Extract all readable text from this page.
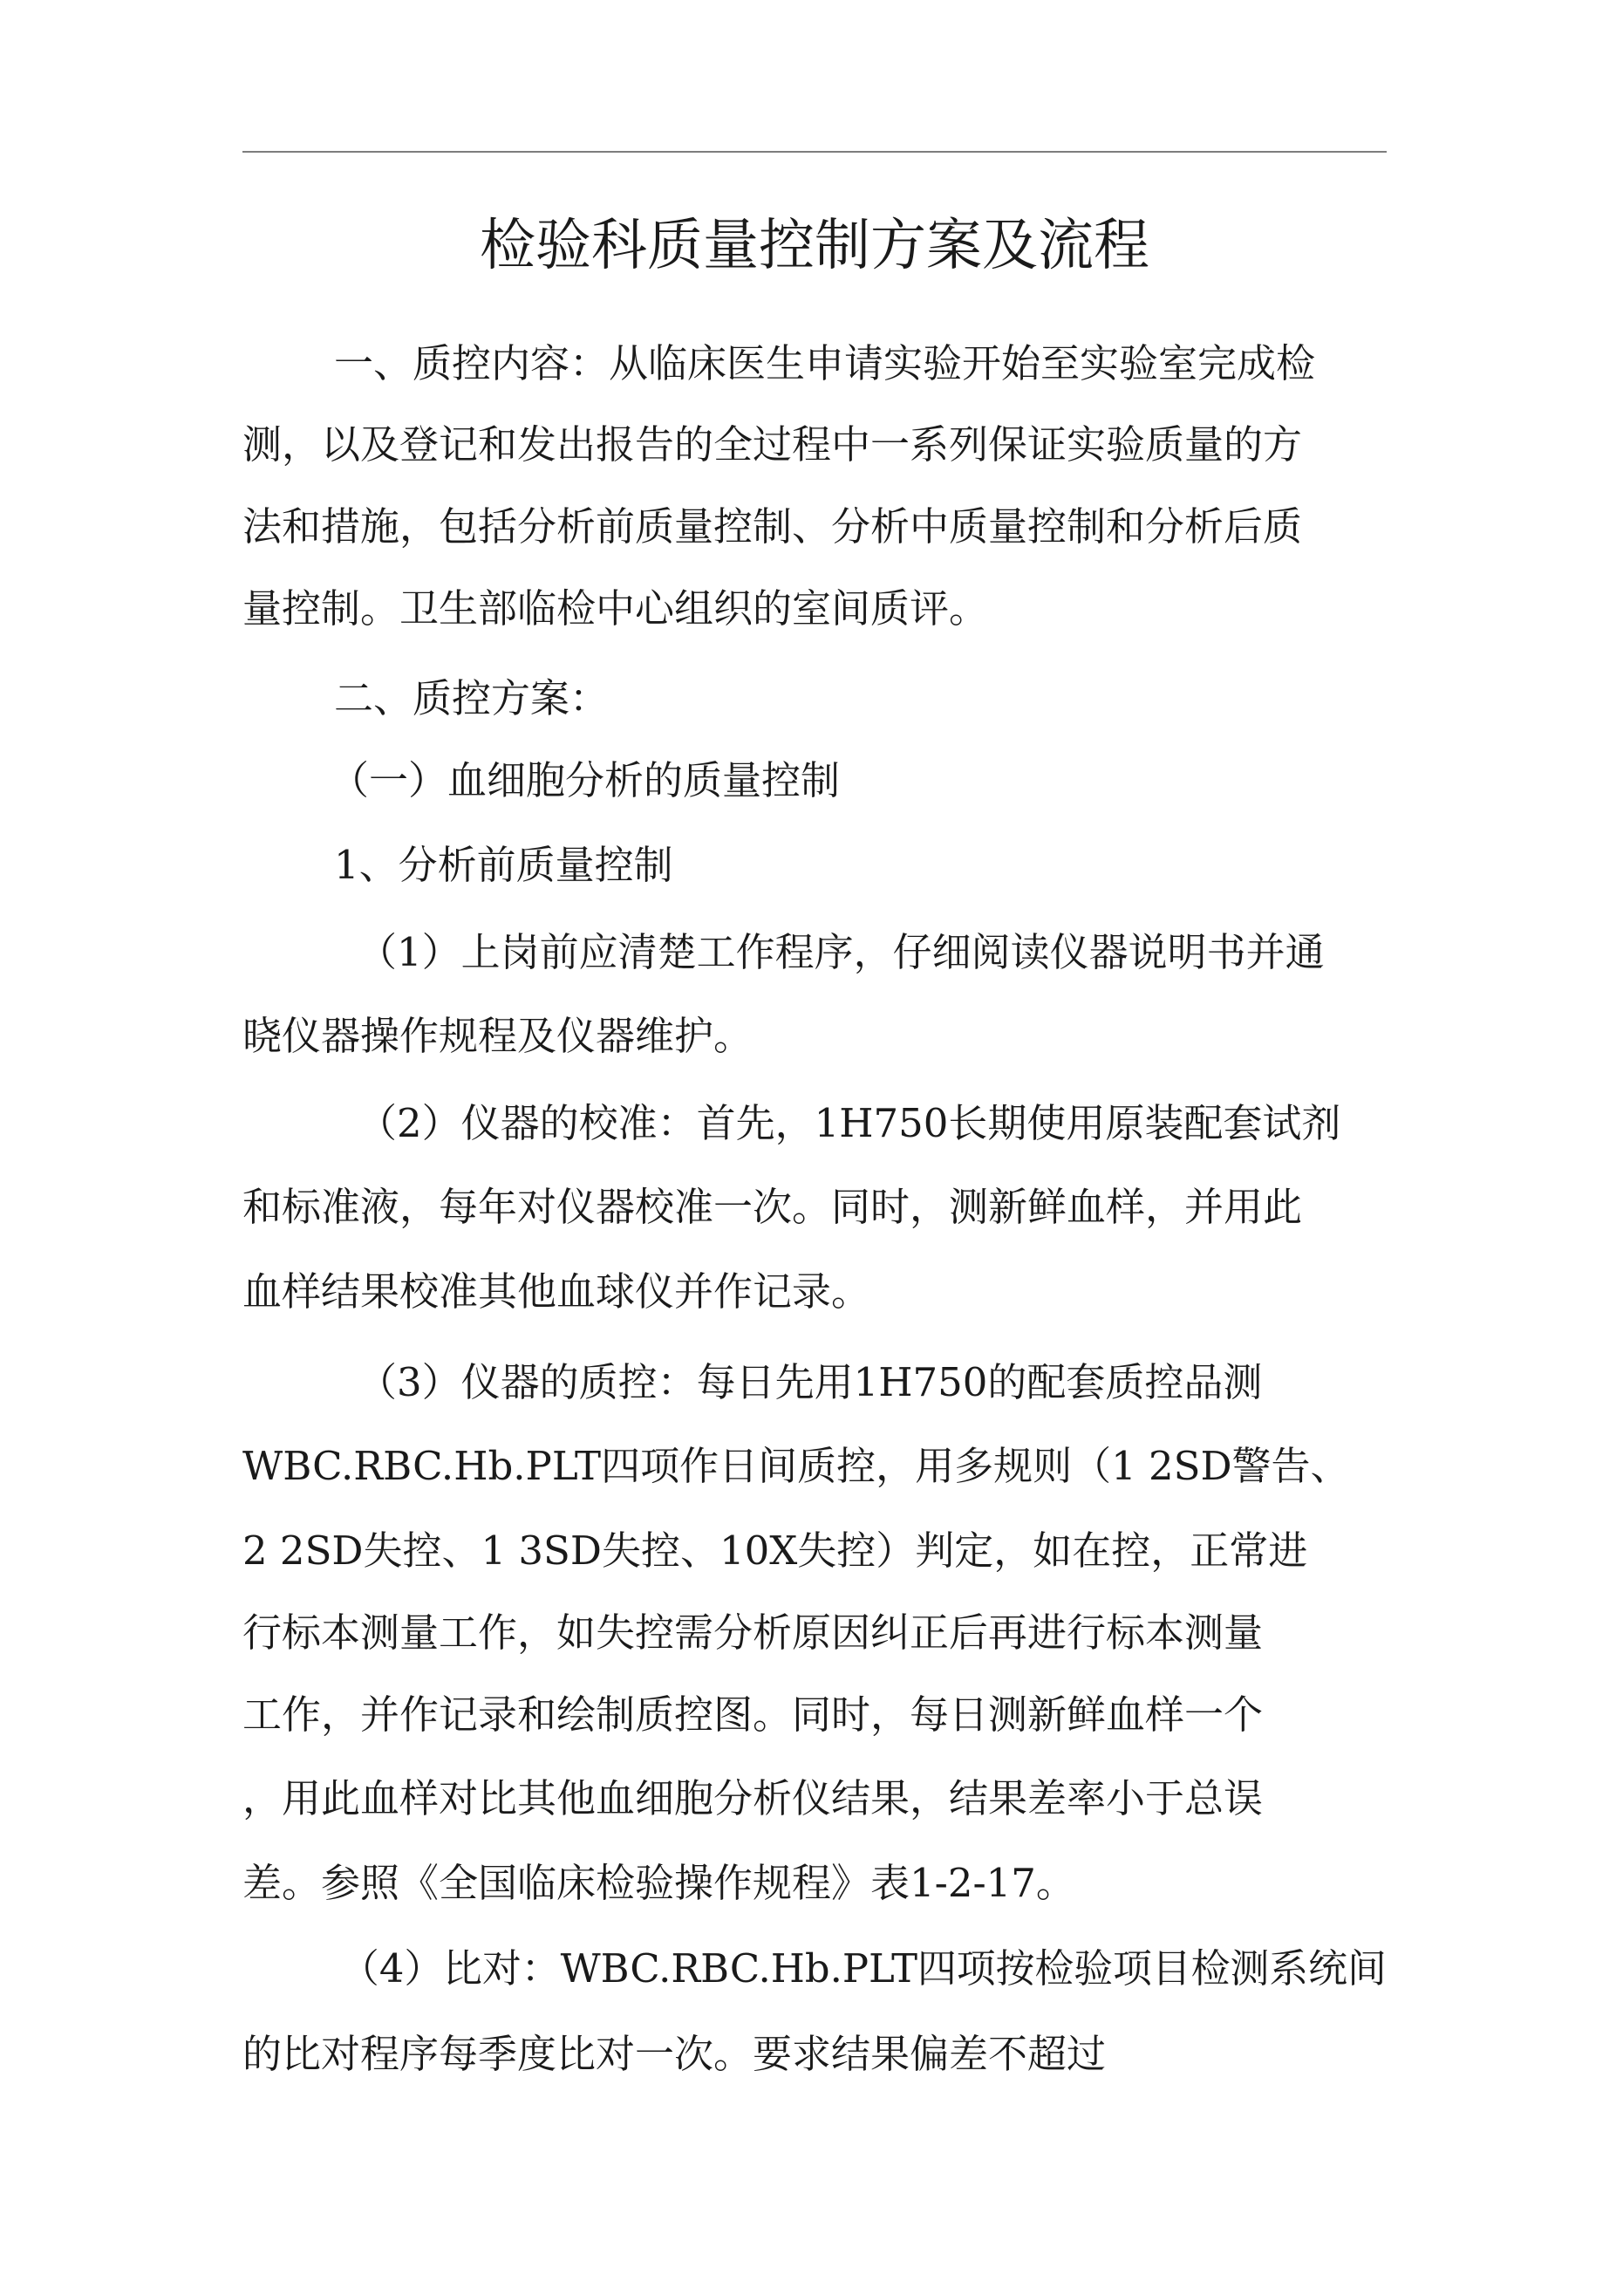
检验科质量控制方案及流程
一、质控内容：从临床医生申请实验开始至实验室完成检
测，以及登记和发出报告的全过程中一系列保证实验质量的方
法和措施，包括分析前质量控制、分析中质量控制和分析后质
量控制。卫生部临检中心组织的室间质评。
二、质控方案：
（一）血细胞分析的质量控制
1、分析前质量控制
（1）上岗前应清楚工作程序，仔细阅读仪器说明书并通
晓仪器操作规程及仪器维护。
（2）仪器的校准：首先，1H750长期使用原装配套试剂
和标准液，每年对仪器校准一次。同时，测新鲜血样，并用此
血样结果校准其他血球仪并作记录。
（3）仪器的质控：每日先用1H750的配套质控品测
WBC.RBC.Hb.PLT四项作日间质控，用多规则（1 2SD警告、
2 2SD失控、1 3SD失控、10X失控）判定，如在控，正常进
行标本测量工作，如失控需分析原因纠正后再进行标本测量
工作，并作记录和绘制质控图。同时，每日测新鲜血样一个
，用此血样对比其他血细胞分析仪结果，结果差率小于总误
差。参照《全国临床检验操作规程》表1-2-17。
（4）比对：WBC.RBC.Hb.PLT四项按检验项目检测系统间
的比对程序每季度比对一次。要求结果偏差不超过
